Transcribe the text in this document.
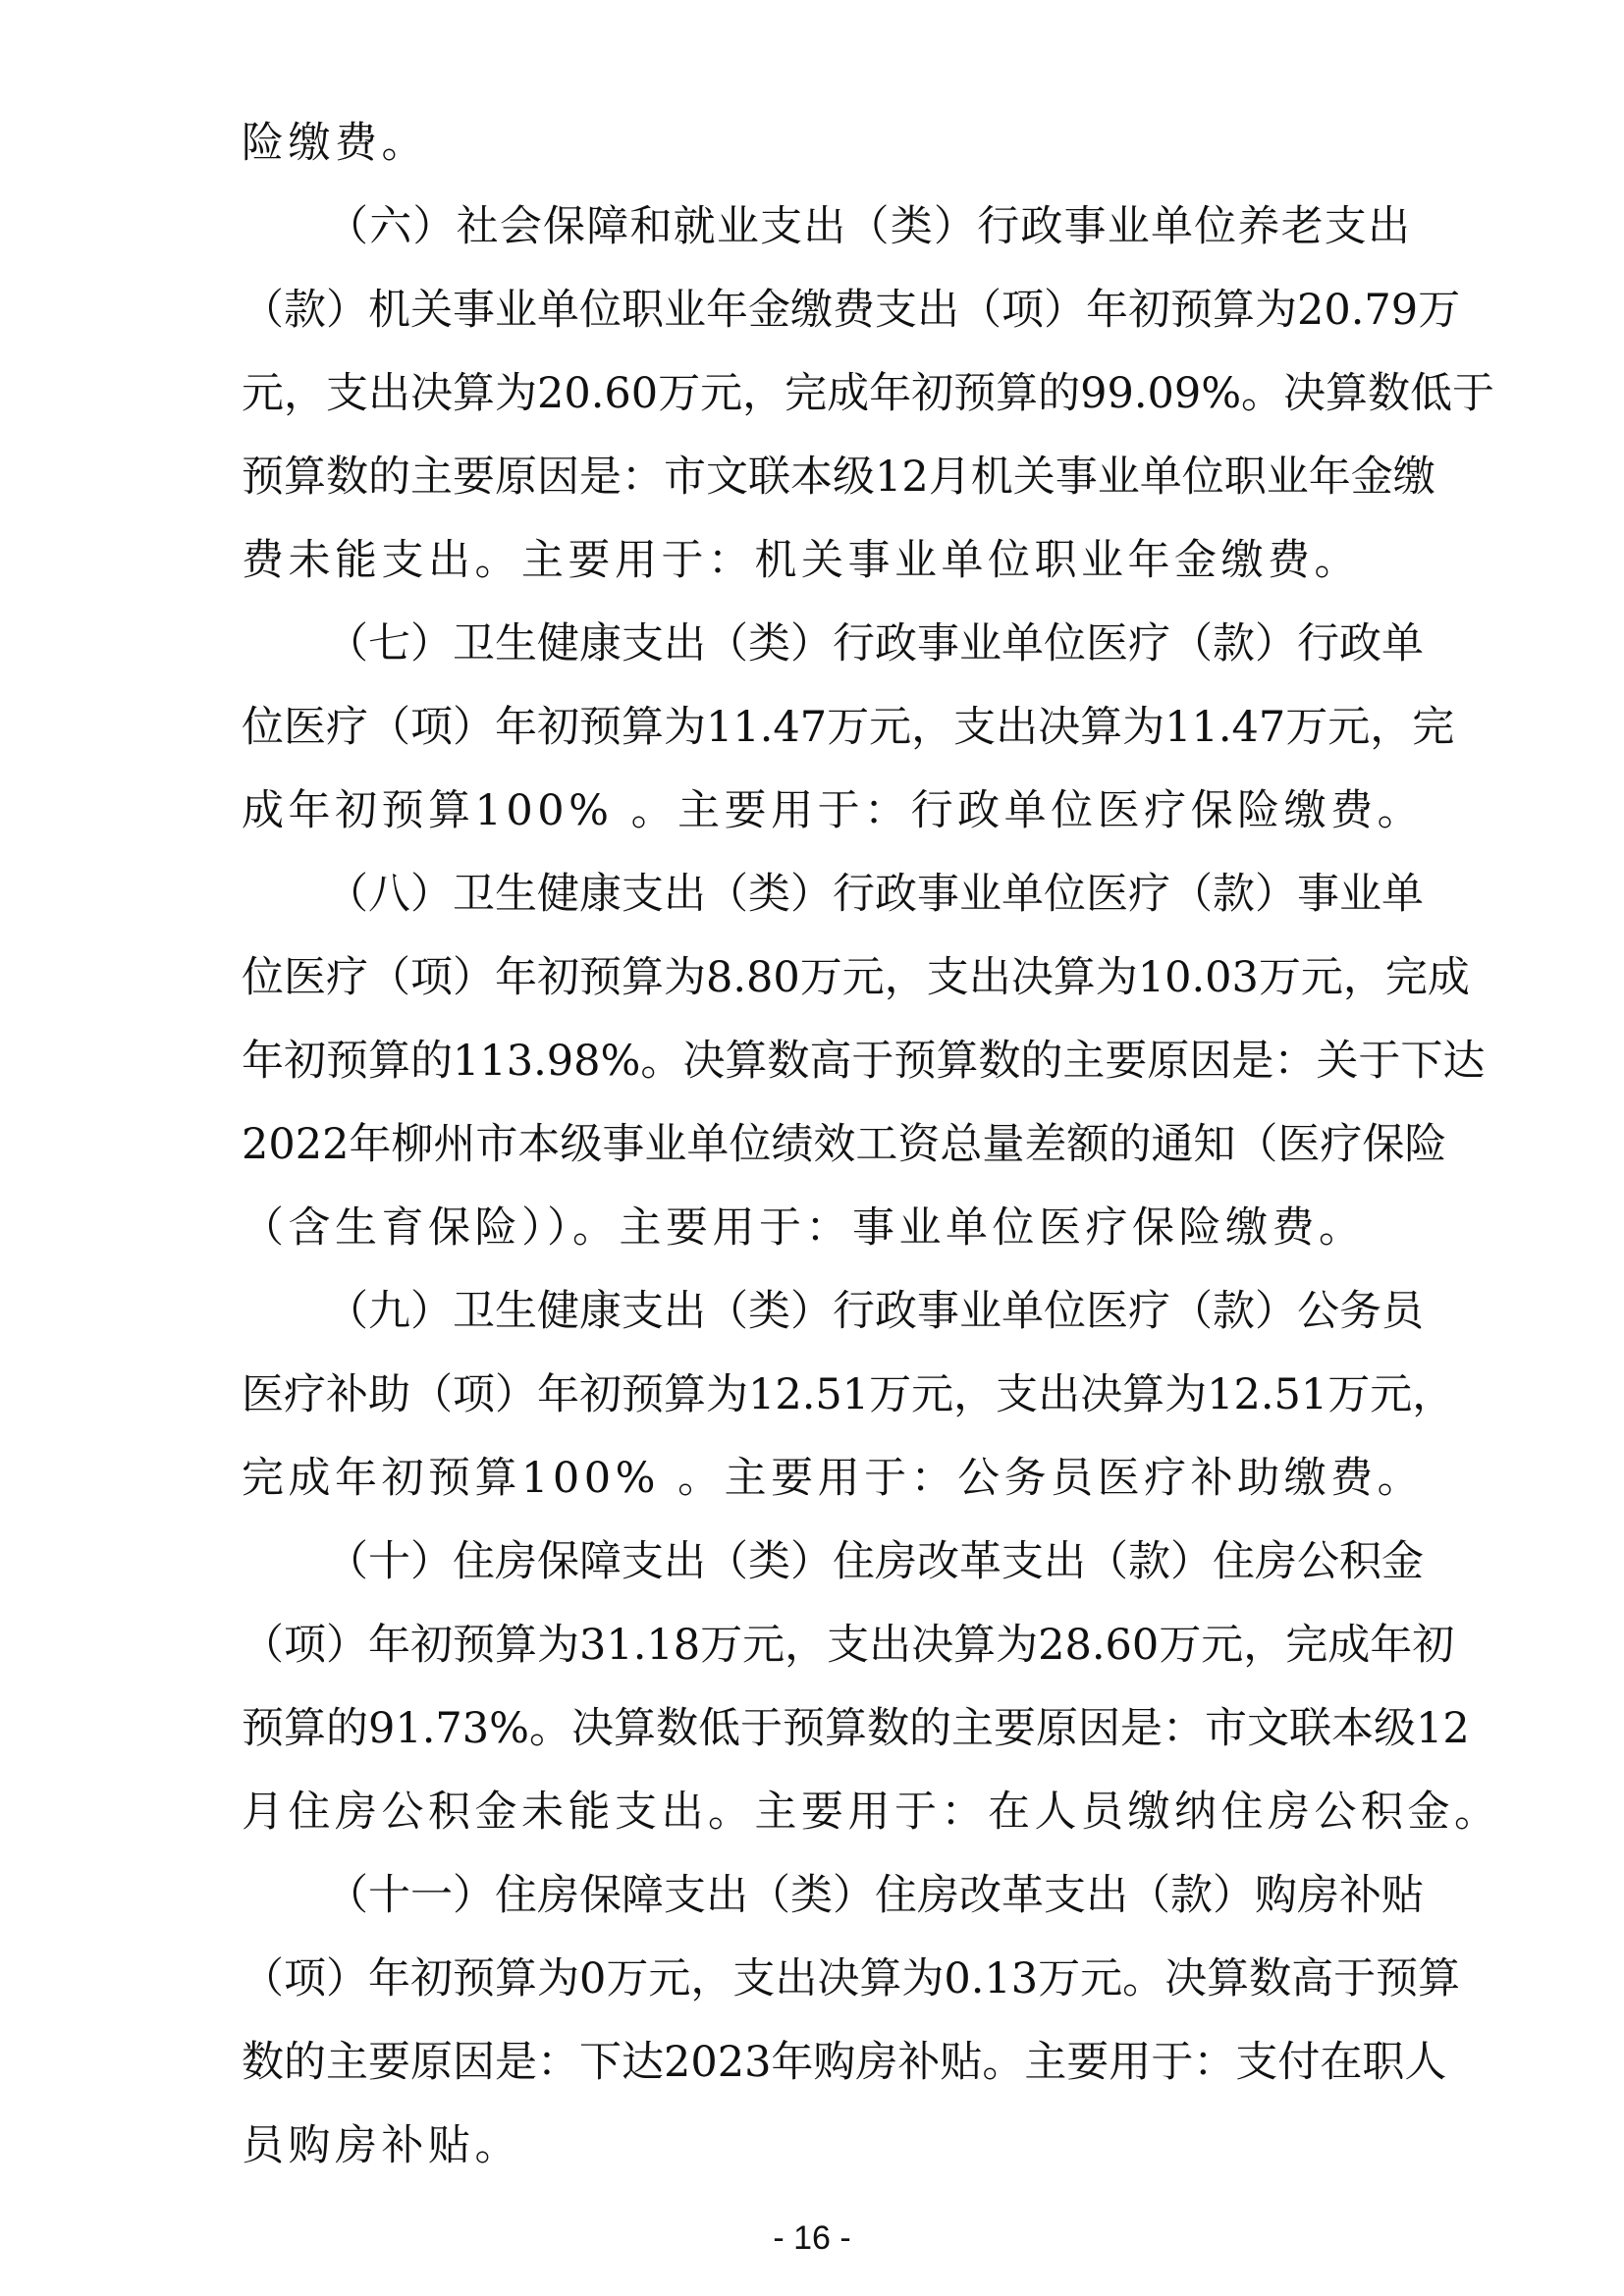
险缴费。
（六）社会保障和就业支出（类）行政事业单位养老支出
（款）机关事业单位职业年金缴费支出（项）年初预算为20.79万
元，支出决算为20.60万元，完成年初预算的99.09%。决算数低于
预算数的主要原因是：市文联本级12月机关事业单位职业年金缴
费未能支出。主要用于：机关事业单位职业年金缴费。
（七）卫生健康支出（类）行政事业单位医疗（款）行政单
位医疗（项）年初预算为11.47万元，支出决算为11.47万元，完
成年初预算100% 。主要用于：行政单位医疗保险缴费。
（八）卫生健康支出（类）行政事业单位医疗（款）事业单
位医疗（项）年初预算为8.80万元，支出决算为10.03万元，完成
年初预算的113.98%。决算数高于预算数的主要原因是：关于下达
2022年柳州市本级事业单位绩效工资总量差额的通知（医疗保险
（含生育保险））。主要用于：事业单位医疗保险缴费。
（九）卫生健康支出（类）行政事业单位医疗（款）公务员
医疗补助（项）年初预算为12.51万元，支出决算为12.51万元，
完成年初预算100% 。主要用于：公务员医疗补助缴费。
（十）住房保障支出（类）住房改革支出（款）住房公积金
（项）年初预算为31.18万元，支出决算为28.60万元，完成年初
预算的91.73%。决算数低于预算数的主要原因是：市文联本级12
月住房公积金未能支出。主要用于：在人员缴纳住房公积金。
（十一）住房保障支出（类）住房改革支出（款）购房补贴
（项）年初预算为0万元，支出决算为0.13万元。决算数高于预算
数的主要原因是：下达2023年购房补贴。主要用于：支付在职人
员购房补贴。
- 16 -
